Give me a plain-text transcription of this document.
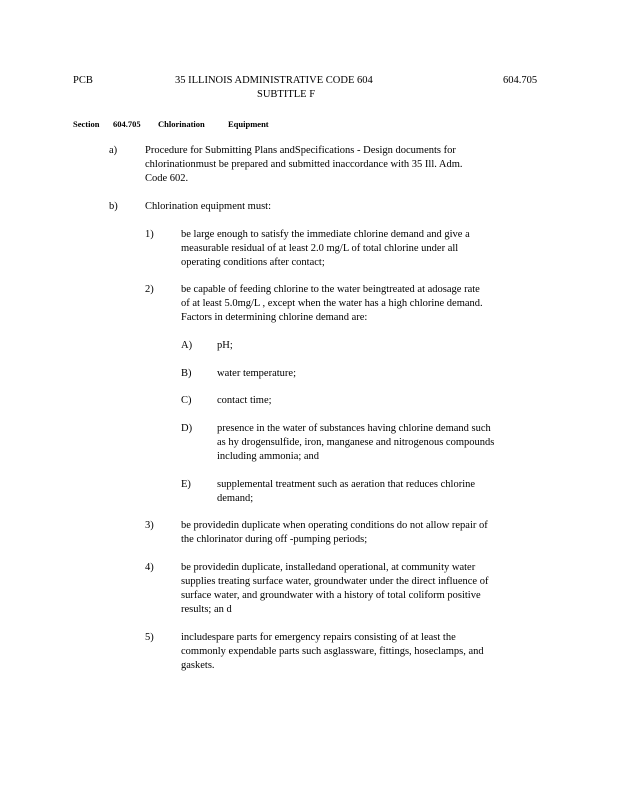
PCB	35 ILLINOIS ADMINISTRATIVE CODE 604
SUBTITLE F
604.705
Section 604.705 Chlorination	Equipment
a)	Procedure for Submitting Plans andSpecifications - Design documents for
chlorinationmust be prepared and submitted inaccordance with 35 Ill. Adm.
Code 602.
b)	Chlorination equipment must:
1)	be large enough to satisfy the immediate chlorine demand and give a
measurable residual of at least 2.0 mg/L of total chlorine under all
operating conditions after contact;
2)	be capable of feeding chlorine to the water beingtreated at adosage rate
of at least 5.0mg/L , except when the water has a high chlorine demand.
Factors in determining chlorine demand are:
A) pH;
B) water temperature;
C) contact time;
D) presence in the water of substances having chlorine demand such
as hy drogensulfide, iron, manganese and nitrogenous compounds
including ammonia; and
E) supplemental treatment such as aeration that reduces chlorine
demand;
3)	be providedin duplicate when operating conditions do not allow repair of
the chlorinator during off -pumping periods;
4)	be providedin duplicate, installedand operational, at community water
supplies treating surface water, groundwater under the direct influence of
surface water, and groundwater with a history of total coliform positive
results; an d
5)	includespare parts for emergency repairs consisting of at least the
commonly expendable parts such asglassware, fittings, hoseclamps, and
gaskets.
